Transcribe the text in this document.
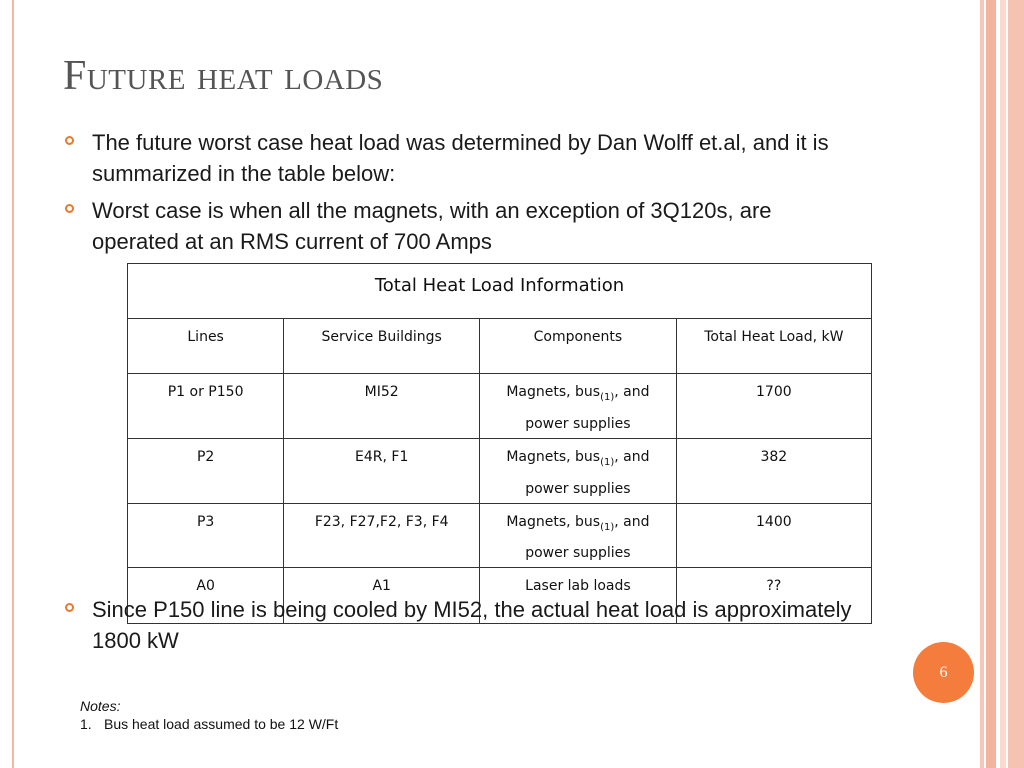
Future heat loads
The future worst case heat load was determined by Dan Wolff et.al, and it is summarized in the table below:
Worst case is when all the magnets, with an exception of 3Q120s, are operated at an RMS current of 700 Amps
Total Heat Load Information			
Lines	Service Buildings	Components	Total Heat Load, kW
P1 or P150	MI52	Magnets, bus$_{(1)}$, and power supplies	1700
P2	E4R, F1	Magnets, bus$_{(1)}$, and power supplies	382
P3	F23, F27,F2, F3, F4	Magnets, bus$_{(1)}$, and power supplies	1400
A0	A1	Laser lab loads	??
Since P150 line is being cooled by MI52, the actual heat load is approximately 1800 kW
6
Notes:
1. Bus heat load assumed to be 12 W/Ft
